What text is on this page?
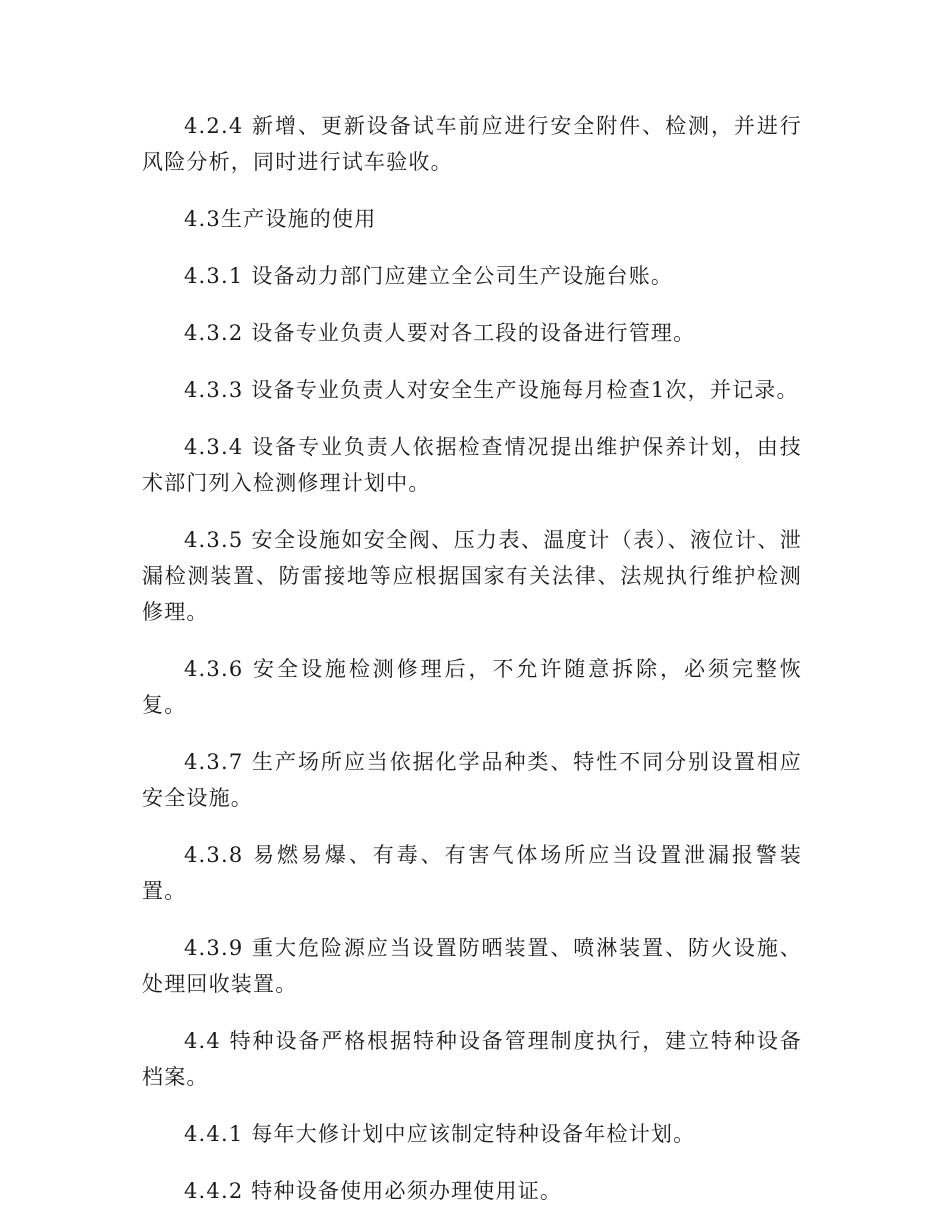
4.2.4 新增、更新设备试车前应进行安全附件、检测，并进行风险分析，同时进行试车验收。

4.3生产设施的使用

4.3.1 设备动力部门应建立全公司生产设施台账。

4.3.2 设备专业负责人要对各工段的设备进行管理。

4.3.3 设备专业负责人对安全生产设施每月检查1次，并记录。

4.3.4 设备专业负责人依据检查情况提出维护保养计划，由技术部门列入检测修理计划中。

4.3.5 安全设施如安全阀、压力表、温度计（表）、液位计、泄漏检测装置、防雷接地等应根据国家有关法律、法规执行维护检测修理。

4.3.6 安全设施检测修理后，不允许随意拆除，必须完整恢复。

4.3.7 生产场所应当依据化学品种类、特性不同分别设置相应安全设施。

4.3.8 易燃易爆、有毒、有害气体场所应当设置泄漏报警装置。

4.3.9 重大危险源应当设置防晒装置、喷淋装置、防火设施、处理回收装置。

4.4 特种设备严格根据特种设备管理制度执行，建立特种设备档案。

4.4.1 每年大修计划中应该制定特种设备年检计划。

4.4.2 特种设备使用必须办理使用证。
